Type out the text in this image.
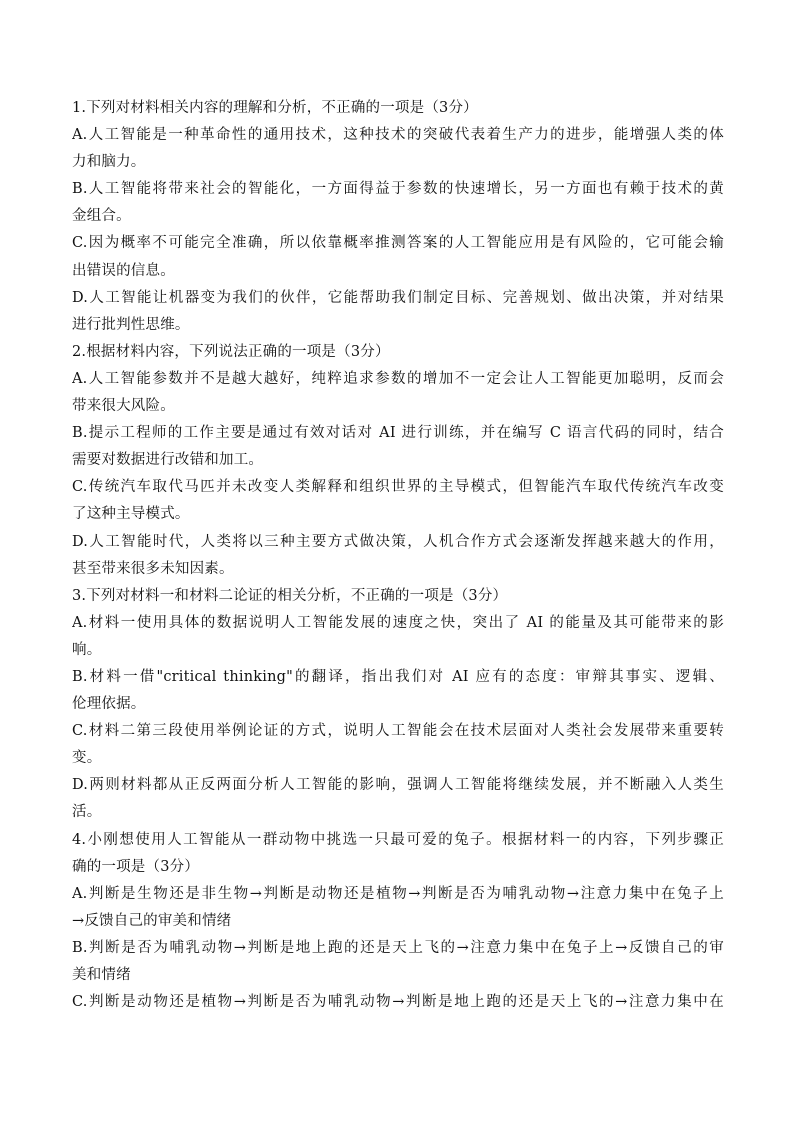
1.下列对材料相关内容的理解和分析，不正确的一项是（3分）
A.人工智能是一种革命性的通用技术，这种技术的突破代表着生产力的进步，能增强人类的体
力和脑力。
B.人工智能将带来社会的智能化，一方面得益于参数的快速增长，另一方面也有赖于技术的黄
金组合。
C.因为概率不可能完全准确，所以依靠概率推测答案的人工智能应用是有风险的，它可能会输
出错误的信息。
D.人工智能让机器变为我们的伙伴，它能帮助我们制定目标、完善规划、做出决策，并对结果
进行批判性思维。
2.根据材料内容，下列说法正确的一项是（3分）
A.人工智能参数并不是越大越好，纯粹追求参数的增加不一定会让人工智能更加聪明，反而会
带来很大风险。
B.提示工程师的工作主要是通过有效对话对 AI 进行训练，并在编写 C 语言代码的同时，结合
需要对数据进行改错和加工。
C.传统汽车取代马匹并未改变人类解释和组织世界的主导模式，但智能汽车取代传统汽车改变
了这种主导模式。
D.人工智能时代，人类将以三种主要方式做决策，人机合作方式会逐渐发挥越来越大的作用，
甚至带来很多未知因素。
3.下列对材料一和材料二论证的相关分析，不正确的一项是（3分）
A.材料一使用具体的数据说明人工智能发展的速度之快，突出了 AI 的能量及其可能带来的影
响。
B.材料一借"critical thinking"的翻译，指出我们对 AI 应有的态度：审辩其事实、逻辑、
伦理依据。
C.材料二第三段使用举例论证的方式，说明人工智能会在技术层面对人类社会发展带来重要转
变。
D.两则材料都从正反两面分析人工智能的影响，强调人工智能将继续发展，并不断融入人类生
活。
4.小刚想使用人工智能从一群动物中挑选一只最可爱的兔子。根据材料一的内容，下列步骤正
确的一项是（3分）
A.判断是生物还是非生物→判断是动物还是植物→判断是否为哺乳动物→注意力集中在兔子上
→反馈自己的审美和情绪
B.判断是否为哺乳动物→判断是地上跑的还是天上飞的→注意力集中在兔子上→反馈自己的审
美和情绪
C.判断是动物还是植物→判断是否为哺乳动物→判断是地上跑的还是天上飞的→注意力集中在
